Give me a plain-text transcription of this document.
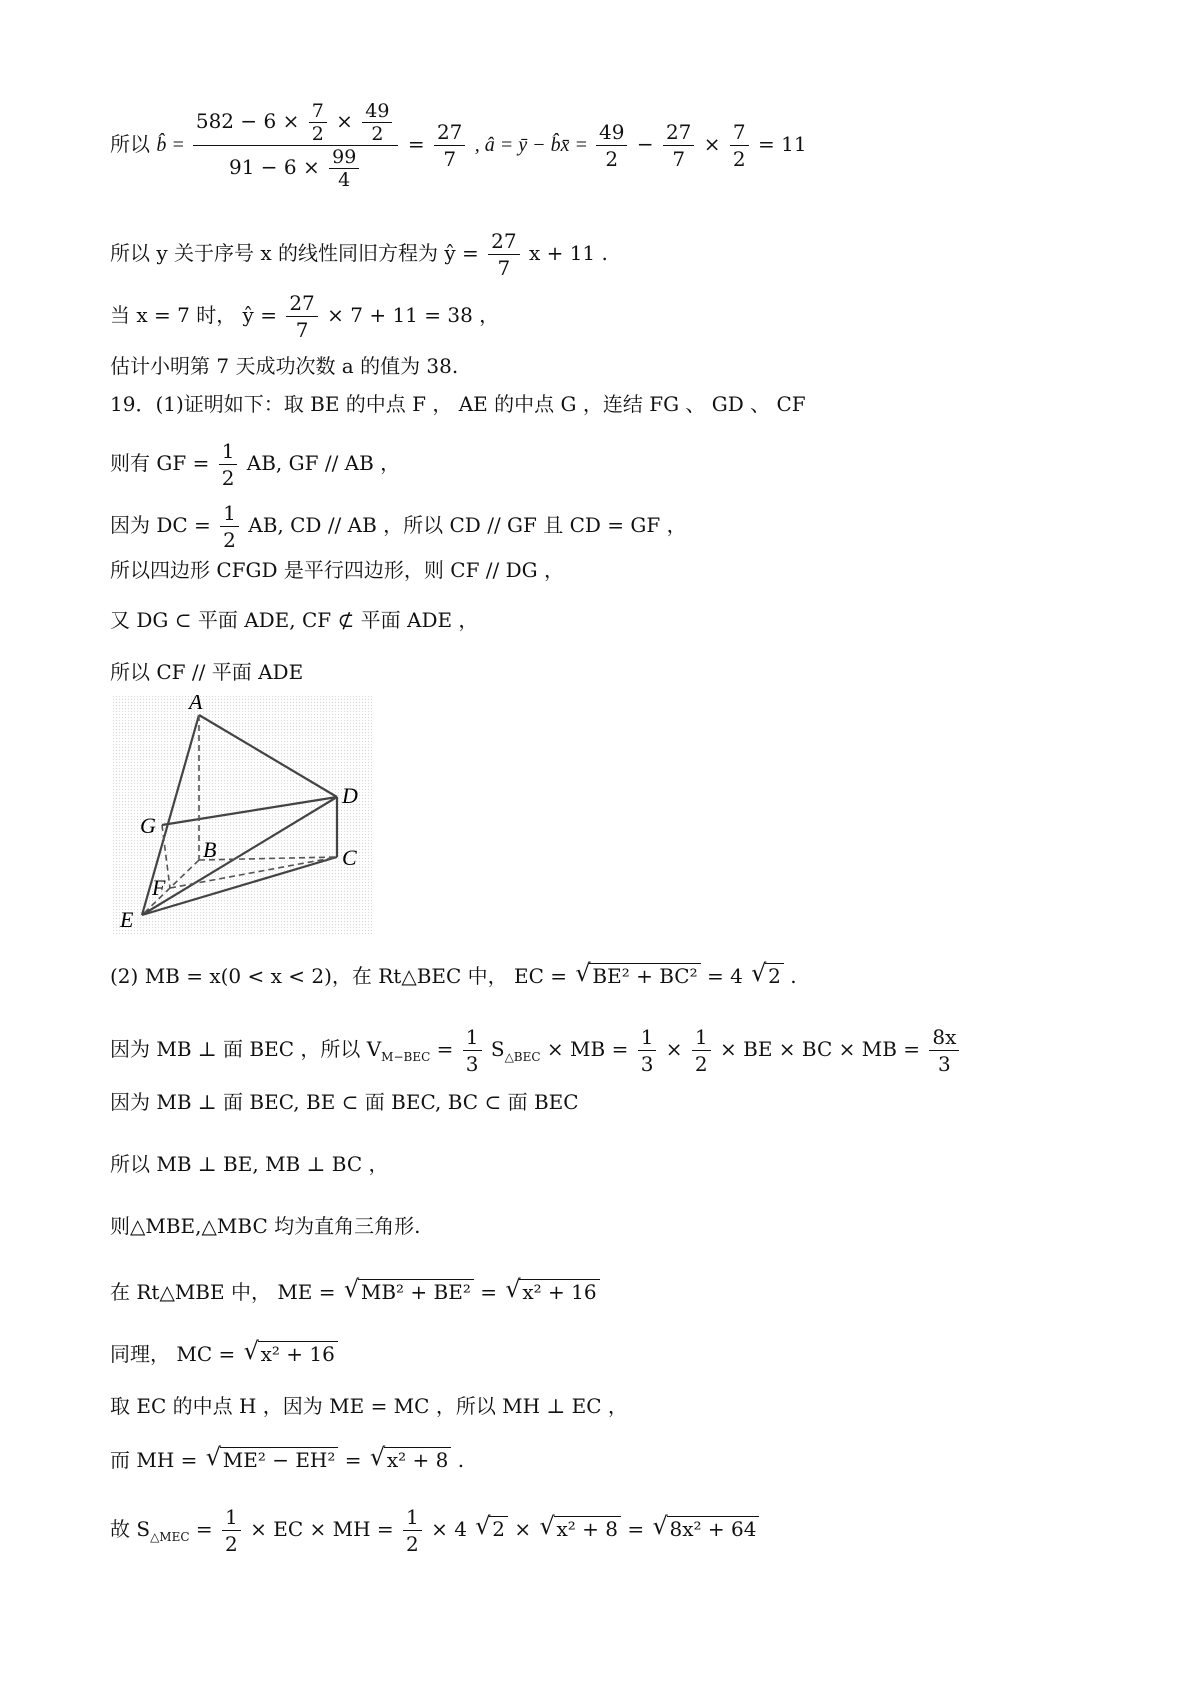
所以 b̂ = $\frac{582 - 6 \times \frac{7}{2} \times \frac{49}{2}}{91 - 6 \times \frac{99}{4}} = \frac{27}{7}$ , â = ȳ − b̂x̄ = $\frac{49}{2} - \frac{27}{7} \times \frac{7}{2} = 11$
所以 y 关于序号 x 的线性同旧方程为 ŷ = $\frac{27}{7}$ x + 11 .
当 x = 7 时， ŷ = $\frac{27}{7} \times 7 + 11 = 38$ ，
估计小明第 7 天成功次数 a 的值为 38.
19．(1)证明如下：取 BE 的中点 F ， AE 的中点 G ，连结 FG 、 GD 、 CF
则有 GF = $\frac{1}{2}$ AB, GF // AB ，
因为 DC = $\frac{1}{2}$ AB, CD // AB ，所以 CD // GF 且 CD = GF ，
所以四边形 CFGD 是平行四边形，则 CF // DG ，
又 DG ⊂ 平面 ADE, CF ⊄ 平面 ADE ，
所以 CF // 平面 ADE
A
B	C
D
E
F
G
(2) MB = x(0 < x < 2)，在 Rt△BEC 中， EC = √ BE² + BC² = 4 √ 2 .
因为 MB ⊥ 面 BEC ，所以 $V_{M-BEC} = \frac{1}{3} S_{\triangle BEC}$ × MB = $\frac{1}{3} \times \frac{1}{2}$ × BE × BC × MB = $\frac{8x}{3}$
因为 MB ⊥ 面 BEC, BE ⊂ 面 BEC, BC ⊂ 面 BEC
所以 MB ⊥ BE, MB ⊥ BC ，
则△MBE,△MBC 均为直角三角形.
在 Rt△MBE 中， ME = √ MB² + BE² = √ x² + 16
同理， MC = √ x² + 16
取 EC 的中点 H ，因为 ME = MC ，所以 MH ⊥ EC ，
而 MH = √ ME² − EH² = √ x² + 8 .
故 $S_{\triangle MEC} = \frac{1}{2}$ × EC × MH = $\frac{1}{2} \times 4$ √ 2 × √ x² + 8 = √ 8x² + 64
